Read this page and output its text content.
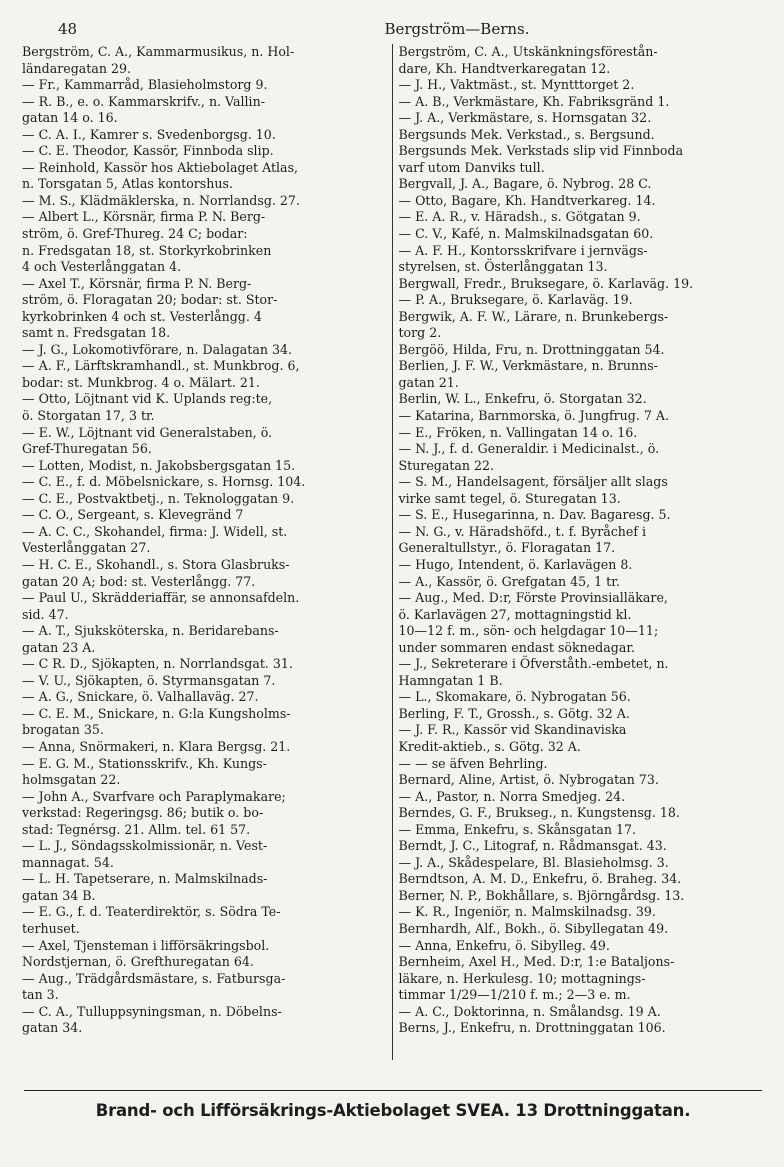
48	Bergström—Berns.
Bergström, C. A., Kammarmusikus, n. Hol-
ländaregatan 29.
— Fr., Kammarråd, Blasieholmstorg 9.
— R. B., e. o. Kammarskrifv., n. Vallin-
gatan 14 o. 16.
— C. A. I., Kamrer s. Svedenborgsg. 10.
— C. E. Theodor, Kassör, Finnboda slip.
— Reinhold, Kassör hos Aktiebolaget Atlas,
n. Torsgatan 5, Atlas kontorshus.
— M. S., Klädmäklerska, n. Norrlandsg. 27.
— Albert L., Körsnär, firma P. N. Berg-
ström, ö. Gref-Thureg. 24 C; bodar:
n. Fredsgatan 18, st. Storkyrkobrinken
4 och Vesterlånggatan 4.
— Axel T., Körsnär, firma P. N. Berg-
ström, ö. Floragatan 20; bodar: st. Stor-
kyrkobrinken 4 och st. Vesterlångg. 4
samt n. Fredsgatan 18.
— J. G., Lokomotivförare, n. Dalagatan 34.
— A. F., Lärftskramhandl., st. Munkbrog. 6,
bodar: st. Munkbrog. 4 o. Mälart. 21.
— Otto, Löjtnant vid K. Uplands reg:te,
ö. Storgatan 17, 3 tr.
— E. W., Löjtnant vid Generalstaben, ö.
Gref-Thuregatan 56.
— Lotten, Modist, n. Jakobsbergsgatan 15.
— C. E., f. d. Möbelsnickare, s. Hornsg. 104.
— C. E., Postvaktbetj., n. Teknologgatan 9.
— C. O., Sergeant, s. Klevegränd 7
— A. C. C., Skohandel, firma: J. Widell, st.
Vesterlånggatan 27.
— H. C. E., Skohandl., s. Stora Glasbruks-
gatan 20 A; bod: st. Vesterlångg. 77.
— Paul U., Skrädderiaffär, se annonsafdeln.
sid. 47.
— A. T., Sjuksköterska, n. Beridarebans-
gatan 23 A.
— C R. D., Sjökapten, n. Norrlandsgat. 31.
— V. U., Sjökapten, ö. Styrmansgatan 7.
— A. G., Snickare, ö. Valhallaväg. 27.
— C. E. M., Snickare, n. G:la Kungsholms-
brogatan 35.
— Anna, Snörmakeri, n. Klara Bergsg. 21.
— E. G. M., Stationsskrifv., Kh. Kungs-
holmsgatan 22.
— John A., Svarfvare och Paraplymakare;
verkstad: Regeringsg. 86; butik o. bo-
stad: Tegnérsg. 21. Allm. tel. 61 57.
— L. J., Söndagsskolmissionär, n. Vest-
mannagat. 54.
— L. H. Tapetserare, n. Malmskilnads-
gatan 34 B.
— E. G., f. d. Teaterdirektör, s. Södra Te-
terhuset.
— Axel, Tjensteman i lifförsäkringsbol.
Nordstjernan, ö. Grefthuregatan 64.
— Aug., Trädgårdsmästare, s. Fatbursga-
tan 3.
— C. A., Tulluppsyningsman, n. Döbelns-
gatan 34.
Bergström, C. A., Utskänkningsförestån-
dare, Kh. Handtverkaregatan 12.
— J. H., Vaktmäst., st. Myntttorget 2.
— A. B., Verkmästare, Kh. Fabriksgränd 1.
— J. A., Verkmästare, s. Hornsgatan 32.
Bergsunds Mek. Verkstad., s. Bergsund.
Bergsunds Mek. Verkstads slip vid Finnboda
varf utom Danviks tull.
Bergvall, J. A., Bagare, ö. Nybrog. 28 C.
— Otto, Bagare, Kh. Handtverkareg. 14.
— E. A. R., v. Häradsh., s. Götgatan 9.
— C. V., Kafé, n. Malmskilnadsgatan 60.
— A. F. H., Kontorsskrifvare i jernvägs-
styrelsen, st. Österlånggatan 13.
Bergwall, Fredr., Bruksegare, ö. Karlaväg. 19.
— P. A., Bruksegare, ö. Karlaväg. 19.
Bergwik, A. F. W., Lärare, n. Brunkebergs-
torg 2.
Bergöö, Hilda, Fru, n. Drottninggatan 54.
Berlien, J. F. W., Verkmästare, n. Brunns-
gatan 21.
Berlin, W. L., Enkefru, ö. Storgatan 32.
— Katarina, Barnmorska, ö. Jungfrug. 7 A.
— E., Fröken, n. Vallingatan 14 o. 16.
— N. J., f. d. Generaldir. i Medicinalst., ö.
Sturegatan 22.
— S. M., Handelsagent, försäljer allt slags
virke samt tegel, ö. Sturegatan 13.
— S. E., Husegarinna, n. Dav. Bagaresg. 5.
— N. G., v. Häradshöfd., t. f. Byråchef i
Generaltullstyr., ö. Floragatan 17.
— Hugo, Intendent, ö. Karlavägen 8.
— A., Kassör, ö. Grefgatan 45, 1 tr.
— Aug., Med. D:r, Förste Provinsialläkare,
ö. Karlavägen 27, mottagningstid kl.
10—12 f. m., sön- och helgdagar 10—11;
under sommaren endast söknedagar.
— J., Sekreterare i Öfverståth.-embetet, n.
Hamngatan 1 B.
— L., Skomakare, ö. Nybrogatan 56.
Berling, F. T., Grossh., s. Götg. 32 A.
— J. F. R., Kassör vid Skandinaviska
Kredit-aktieb., s. Götg. 32 A.
— — se äfven Behrling.
Bernard, Aline, Artist, ö. Nybrogatan 73.
— A., Pastor, n. Norra Smedjeg. 24.
Berndes, G. F., Brukseg., n. Kungstensg. 18.
— Emma, Enkefru, s. Skånsgatan 17.
Berndt, J. C., Litograf, n. Rådmansgat. 43.
— J. A., Skådespelare, Bl. Blasieholmsg. 3.
Berndtson, A. M. D., Enkefru, ö. Braheg. 34.
Berner, N. P., Bokhållare, s. Björngårdsg. 13.
— K. R., Ingeniör, n. Malmskilnadsg. 39.
Bernhardh, Alf., Bokh., ö. Sibyllegatan 49.
— Anna, Enkefru, ö. Sibylleg. 49.
Bernheim, Axel H., Med. D:r, 1:e Bataljons-
läkare, n. Herkulesg. 10; mottagnings-
timmar 1/29—1/210 f. m.; 2—3 e. m.
— A. C., Doktorinna, n. Smålandsg. 19 A.
Berns, J., Enkefru, n. Drottninggatan 106.
Brand- och Lifförsäkrings-Aktiebolaget SVEA. 13 Drottninggatan.
